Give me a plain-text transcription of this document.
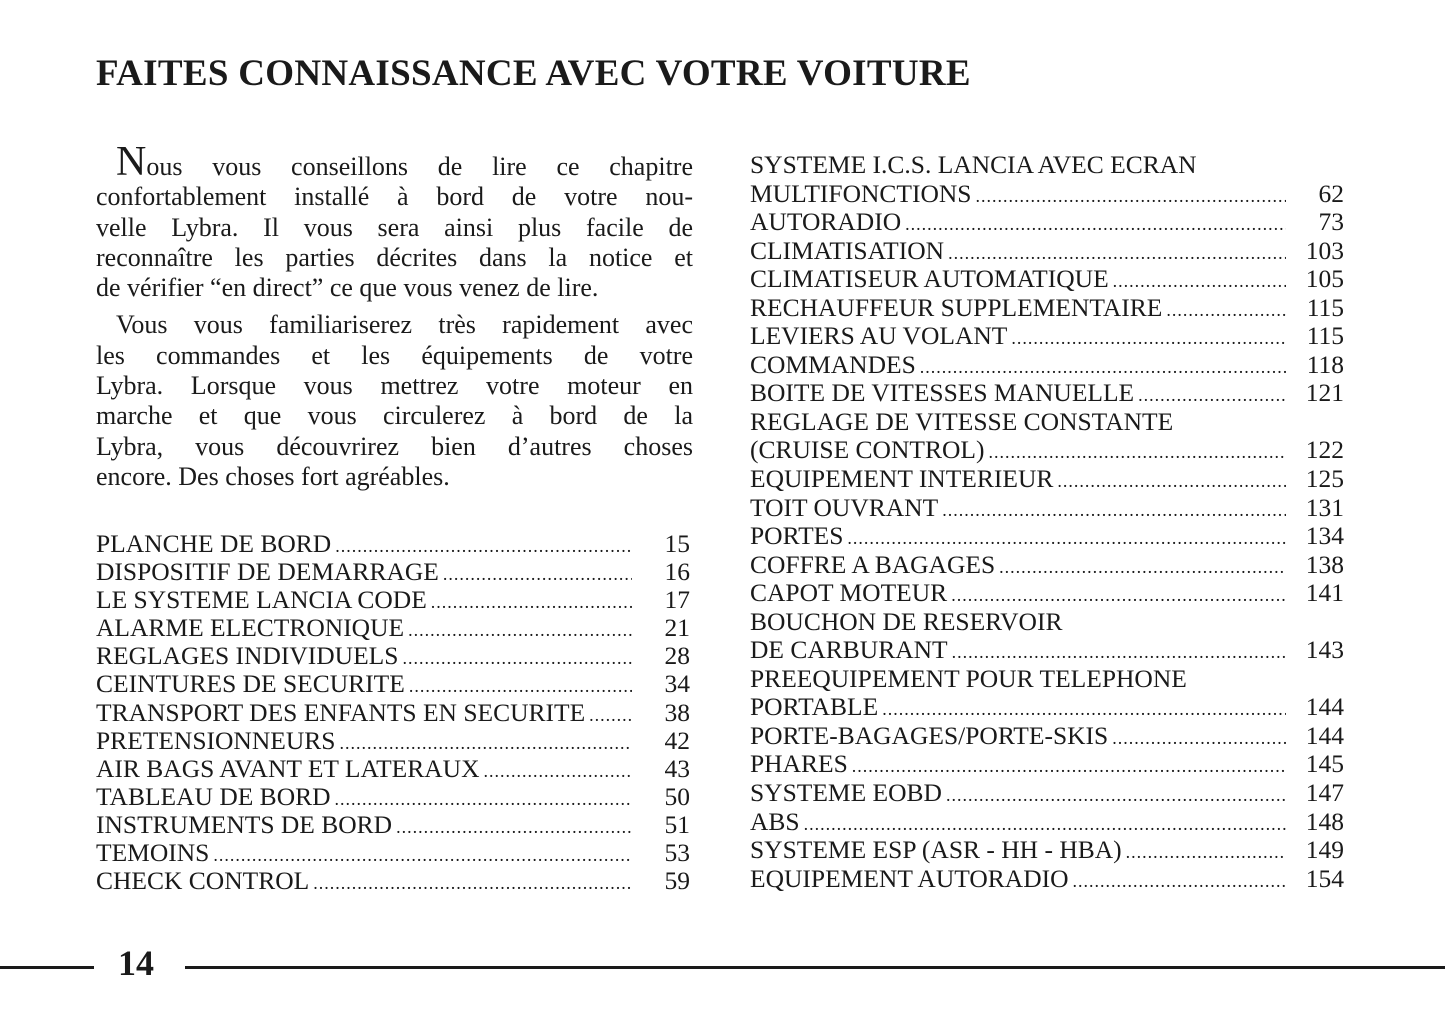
FAITES CONNAISSANCE AVEC VOTRE VOITURE
Nous vous conseillons de lire ce chapitre
confortablement installé à bord de votre nou-
velle Lybra. Il vous sera ainsi plus facile de
reconnaître les parties décrites dans la notice et
de vérifier “en direct” ce que vous venez de lire.
Vous vous familiariserez très rapidement avec
les commandes et les équipements de votre
Lybra. Lorsque vous mettrez votre moteur en
marche et que vous circulerez à bord de la
Lybra, vous découvrirez bien d’autres choses
encore. Des choses fort agréables.
PLANCHE DE BORD .....	15
DISPOSITIF DE DEMARRAGE .....	16
LE SYSTEME LANCIA CODE .....	17
ALARME ELECTRONIQUE .....	21
REGLAGES INDIVIDUELS .....	28
CEINTURES DE SECURITE .....	34
TRANSPORT DES ENFANTS EN SECURITE .....	38
PRETENSIONNEURS .....	42
AIR BAGS AVANT ET LATERAUX .....	43
TABLEAU DE BORD .....	50
INSTRUMENTS DE BORD .....	51
TEMOINS .....	53
CHECK CONTROL .....	59
SYSTEME I.C.S. LANCIA AVEC ECRAN
MULTIFONCTIONS .....	62
AUTORADIO .....	73
CLIMATISATION .....	103
CLIMATISEUR AUTOMATIQUE .....	105
RECHAUFFEUR SUPPLEMENTAIRE .....	115
LEVIERS AU VOLANT .....	115
COMMANDES .....	118
BOITE DE VITESSES MANUELLE .....	121
REGLAGE DE VITESSE CONSTANTE
(CRUISE CONTROL) .....	122
EQUIPEMENT INTERIEUR .....	125
TOIT OUVRANT .....	131
PORTES .....	134
COFFRE A BAGAGES .....	138
CAPOT MOTEUR .....	141
BOUCHON DE RESERVOIR
DE CARBURANT .....	143
PREEQUIPEMENT POUR TELEPHONE
PORTABLE .....	144
PORTE-BAGAGES/PORTE-SKIS .....	144
PHARES .....	145
SYSTEME EOBD .....	147
ABS .....	148
SYSTEME ESP (ASR - HH - HBA) .....	149
EQUIPEMENT AUTORADIO .....	154
14
